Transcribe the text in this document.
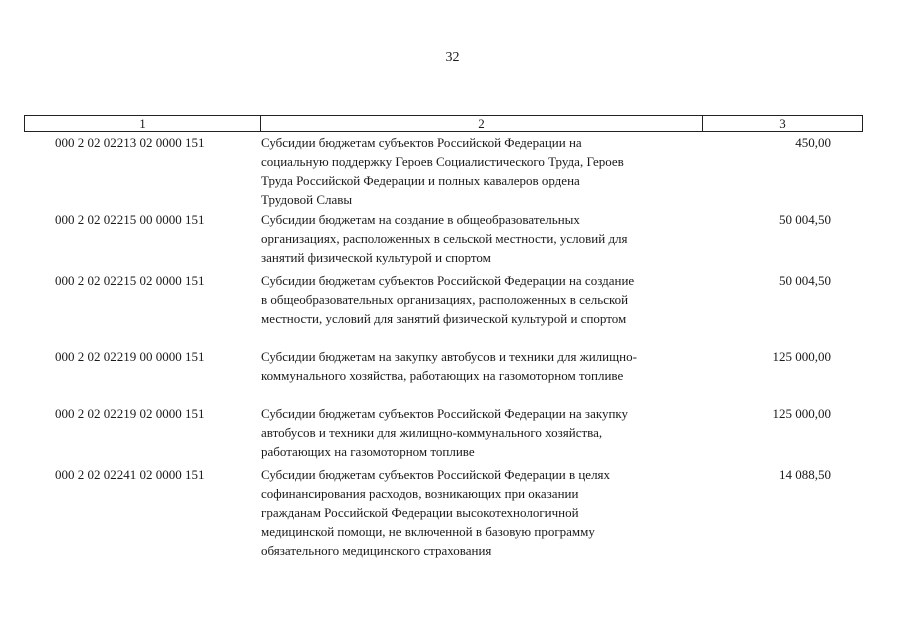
32
1	2	3
000 2 02 02213 02 0000 151	Субсидии бюджетам субъектов Российской Федерации на
социальную поддержку Героев Социалистического Труда, Героев
Труда Российской Федерации и полных кавалеров ордена
Трудовой Славы
450,00
000 2 02 02215 00 0000 151	Субсидии бюджетам на создание в общеобразовательных
организациях, расположенных в сельской местности, условий для
занятий физической культурой и спортом
50 004,50
000 2 02 02215 02 0000 151	Субсидии бюджетам субъектов Российской Федерации на создание
в общеобразовательных организациях, расположенных в сельской
местности, условий для занятий физической культурой и спортом
50 004,50
000 2 02 02219 00 0000 151	Субсидии бюджетам на закупку автобусов и техники для жилищно-
коммунального хозяйства, работающих на газомоторном топливе
125 000,00
000 2 02 02219 02 0000 151	Субсидии бюджетам субъектов Российской Федерации на закупку
автобусов и техники для жилищно-коммунального хозяйства,
работающих на газомоторном топливе
125 000,00
000 2 02 02241 02 0000 151	Субсидии бюджетам субъектов Российской Федерации в целях
софинансирования расходов, возникающих при оказании
гражданам Российской Федерации высокотехнологичной
медицинской помощи, не включенной в базовую программу
обязательного медицинского страхования
14 088,50
